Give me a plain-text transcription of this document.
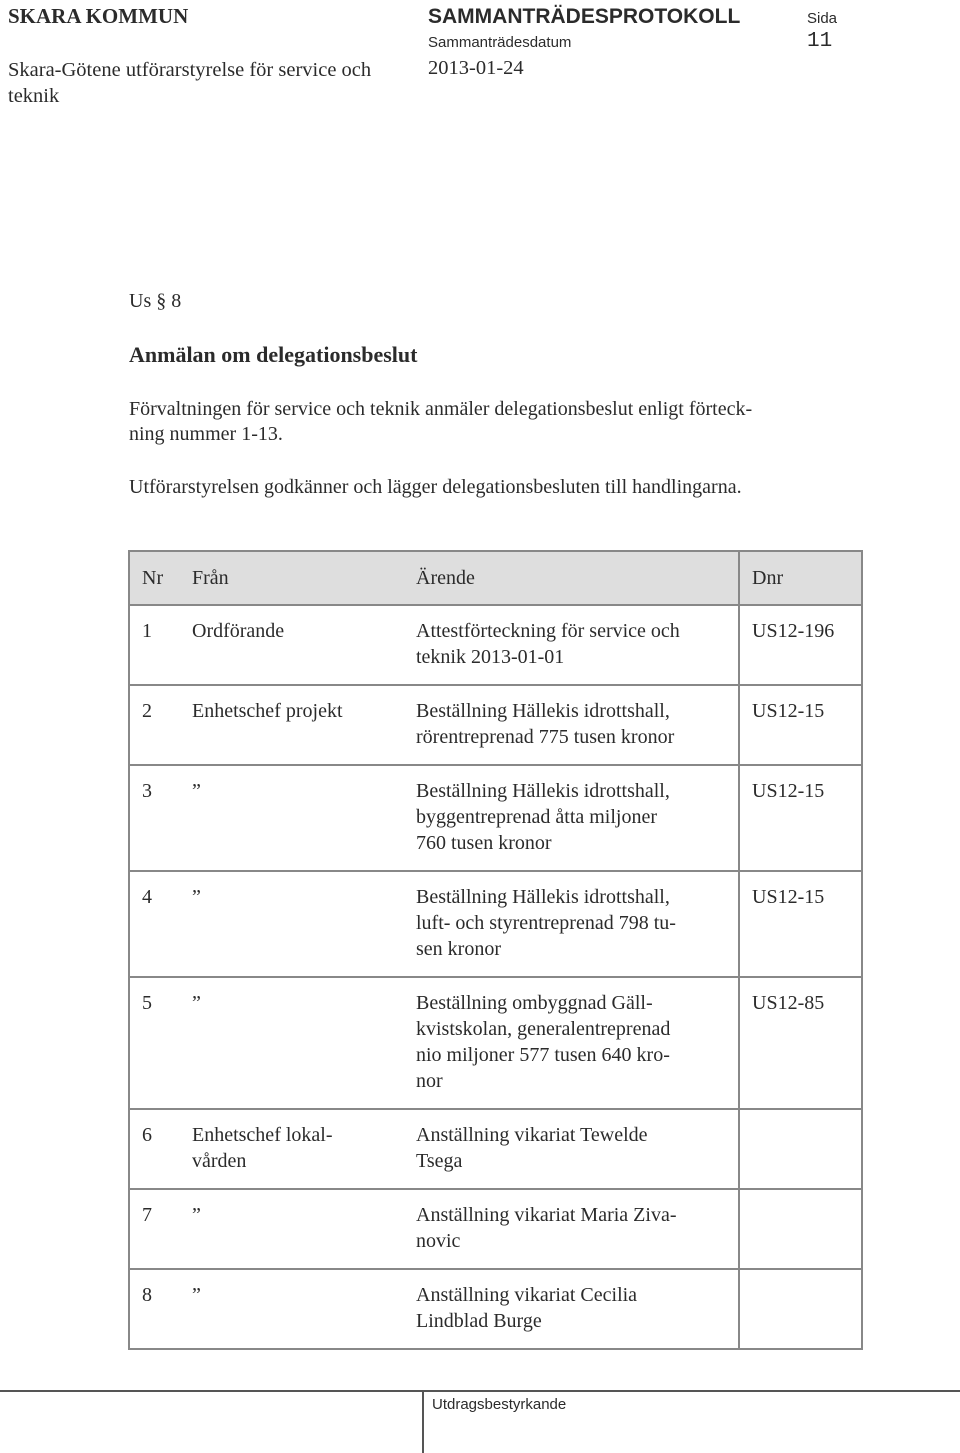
SKARA KOMMUN	SAMMANTRÄDESPROTOKOLL	Sida
Sammanträdesdatum	11
Skara-Götene utförarstyrelse för service och teknik
2013-01-24
Us § 8
Anmälan om delegationsbeslut
Förvaltningen för service och teknik anmäler delegationsbeslut enligt förteck-
ning nummer 1-13.
Utförarstyrelsen godkänner och lägger delegationsbesluten till handlingarna.
Nr Från	Ärende	Dnr
1 Ordförande	Attestförteckning för service och
teknik 2013-01-01	US12-196
2 Enhetschef projekt	Beställning Hällekis idrottshall,
rörentreprenad 775 tusen kronor	US12-15
3 ”	Beställning Hällekis idrottshall,
byggentreprenad åtta miljoner
760 tusen kronor	US12-15
4 ”	Beställning Hällekis idrottshall,
luft- och styrentreprenad 798 tu-
sen kronor	US12-15
5 ”	Beställning ombyggnad Gäll-
kvistskolan, generalentreprenad
nio miljoner 577 tusen 640 kro-
nor	US12-85
6 Enhetschef lokal-vården	Anställning vikariat Tewelde
Tsega	

7 ”	Anställning vikariat Maria Ziva-
novic	

8 ”	Anställning vikariat Cecilia
Lindblad Burge	

Utdragsbestyrkande
